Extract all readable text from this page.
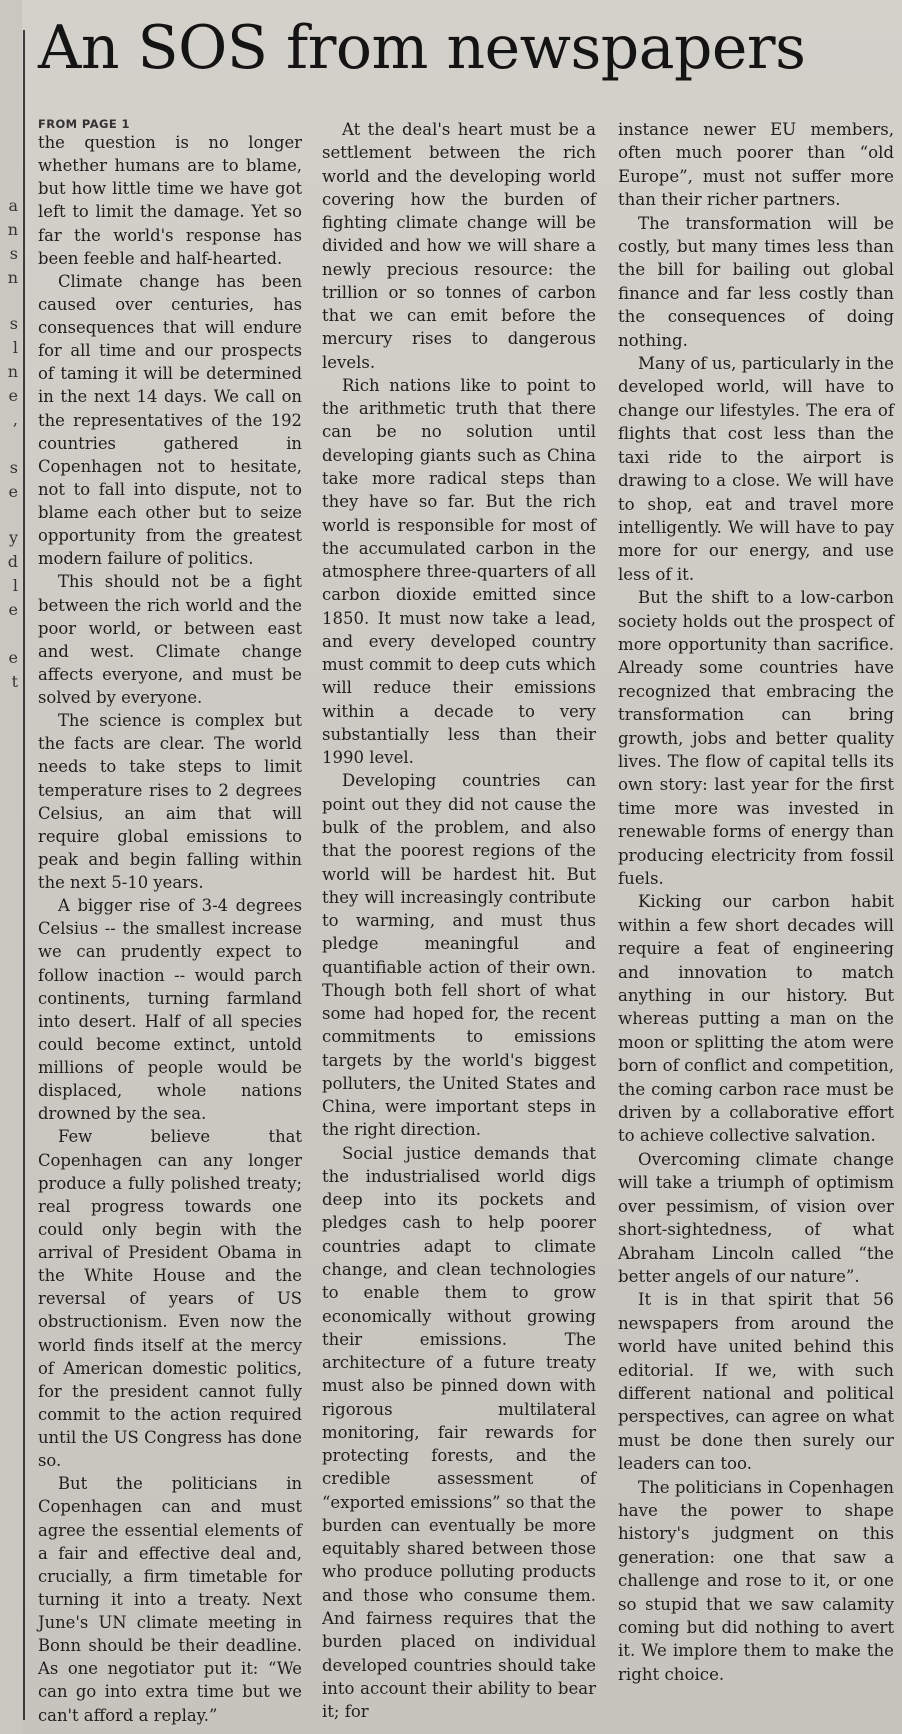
a
n
s
n
s
l
n
e
,
s
e
y
d
l
e
e
t
An SOS from newspapers
FROM PAGE 1

the question is no longer whether humans are to blame, but how little time we have got left to limit the damage. Yet so far the world's response has been feeble and half-hearted.

Climate change has been caused over centuries, has consequences that will endure for all time and our prospects of taming it will be determined in the next 14 days. We call on the representatives of the 192 countries gathered in Copenhagen not to hesitate, not to fall into dispute, not to blame each other but to seize opportunity from the greatest modern failure of politics.

This should not be a fight between the rich world and the poor world, or between east and west. Climate change affects everyone, and must be solved by everyone.

The science is complex but the facts are clear. The world needs to take steps to limit temperature rises to 2 degrees Celsius, an aim that will require global emissions to peak and begin falling within the next 5-10 years.

A bigger rise of 3-4 degrees Celsius -- the smallest increase we can prudently expect to follow inaction -- would parch continents, turning farmland into desert. Half of all species could become extinct, untold millions of people would be displaced, whole nations drowned by the sea.

Few believe that Copenhagen can any longer produce a fully polished treaty; real progress towards one could only begin with the arrival of President Obama in the White House and the reversal of years of US obstructionism. Even now the world finds itself at the mercy of American domestic politics, for the president cannot fully commit to the action required until the US Congress has done so.

But the politicians in Copenhagen can and must agree the essential elements of a fair and effective deal and, crucially, a firm timetable for turning it into a treaty. Next June's UN climate meeting in Bonn should be their deadline. As one negotiator put it: “We can go into extra time but we can't afford a replay.”

At the deal's heart must be a settlement between the rich world and the developing world covering how the burden of fighting climate change will be divided and how we will share a newly precious resource: the trillion or so tonnes of carbon that we can emit before the mercury rises to dangerous levels.

Rich nations like to point to the arithmetic truth that there can be no solution until developing giants such as China take more radical steps than they have so far. But the rich world is responsible for most of the accumulated carbon in the atmosphere three-quarters of all carbon dioxide emitted since 1850. It must now take a lead, and every developed country must commit to deep cuts which will reduce their emissions within a decade to very substantially less than their 1990 level.

Developing countries can point out they did not cause the bulk of the problem, and also that the poorest regions of the world will be hardest hit. But they will increasingly contribute to warming, and must thus pledge meaningful and quantifiable action of their own. Though both fell short of what some had hoped for, the recent commitments to emissions targets by the world's biggest polluters, the United States and China, were important steps in the right direction.

Social justice demands that the industrialised world digs deep into its pockets and pledges cash to help poorer countries adapt to climate change, and clean technologies to enable them to grow economically without growing their emissions. The architecture of a future treaty must also be pinned down with rigorous multilateral monitoring, fair rewards for protecting forests, and the credible assessment of “exported emissions” so that the burden can eventually be more equitably shared between those who produce polluting products and those who consume them. And fairness requires that the burden placed on individual developed countries should take into account their ability to bear it; for

instance newer EU members, often much poorer than “old Europe”, must not suffer more than their richer partners.

The transformation will be costly, but many times less than the bill for bailing out global finance and far less costly than the consequences of doing nothing.

Many of us, particularly in the developed world, will have to change our lifestyles. The era of flights that cost less than the taxi ride to the airport is drawing to a close. We will have to shop, eat and travel more intelligently. We will have to pay more for our energy, and use less of it.

But the shift to a low-carbon society holds out the prospect of more opportunity than sacrifice. Already some countries have recognized that embracing the transformation can bring growth, jobs and better quality lives. The flow of capital tells its own story: last year for the first time more was invested in renewable forms of energy than producing electricity from fossil fuels.

Kicking our carbon habit within a few short decades will require a feat of engineering and innovation to match anything in our history. But whereas putting a man on the moon or splitting the atom were born of conflict and competition, the coming carbon race must be driven by a collaborative effort to achieve collective salvation.

Overcoming climate change will take a triumph of optimism over pessimism, of vision over short-sightedness, of what Abraham Lincoln called “the better angels of our nature”.

It is in that spirit that 56 newspapers from around the world have united behind this editorial. If we, with such different national and political perspectives, can agree on what must be done then surely our leaders can too.

The politicians in Copenhagen have the power to shape history's judgment on this generation: one that saw a challenge and rose to it, or one so stupid that we saw calamity coming but did nothing to avert it. We implore them to make the right choice.
